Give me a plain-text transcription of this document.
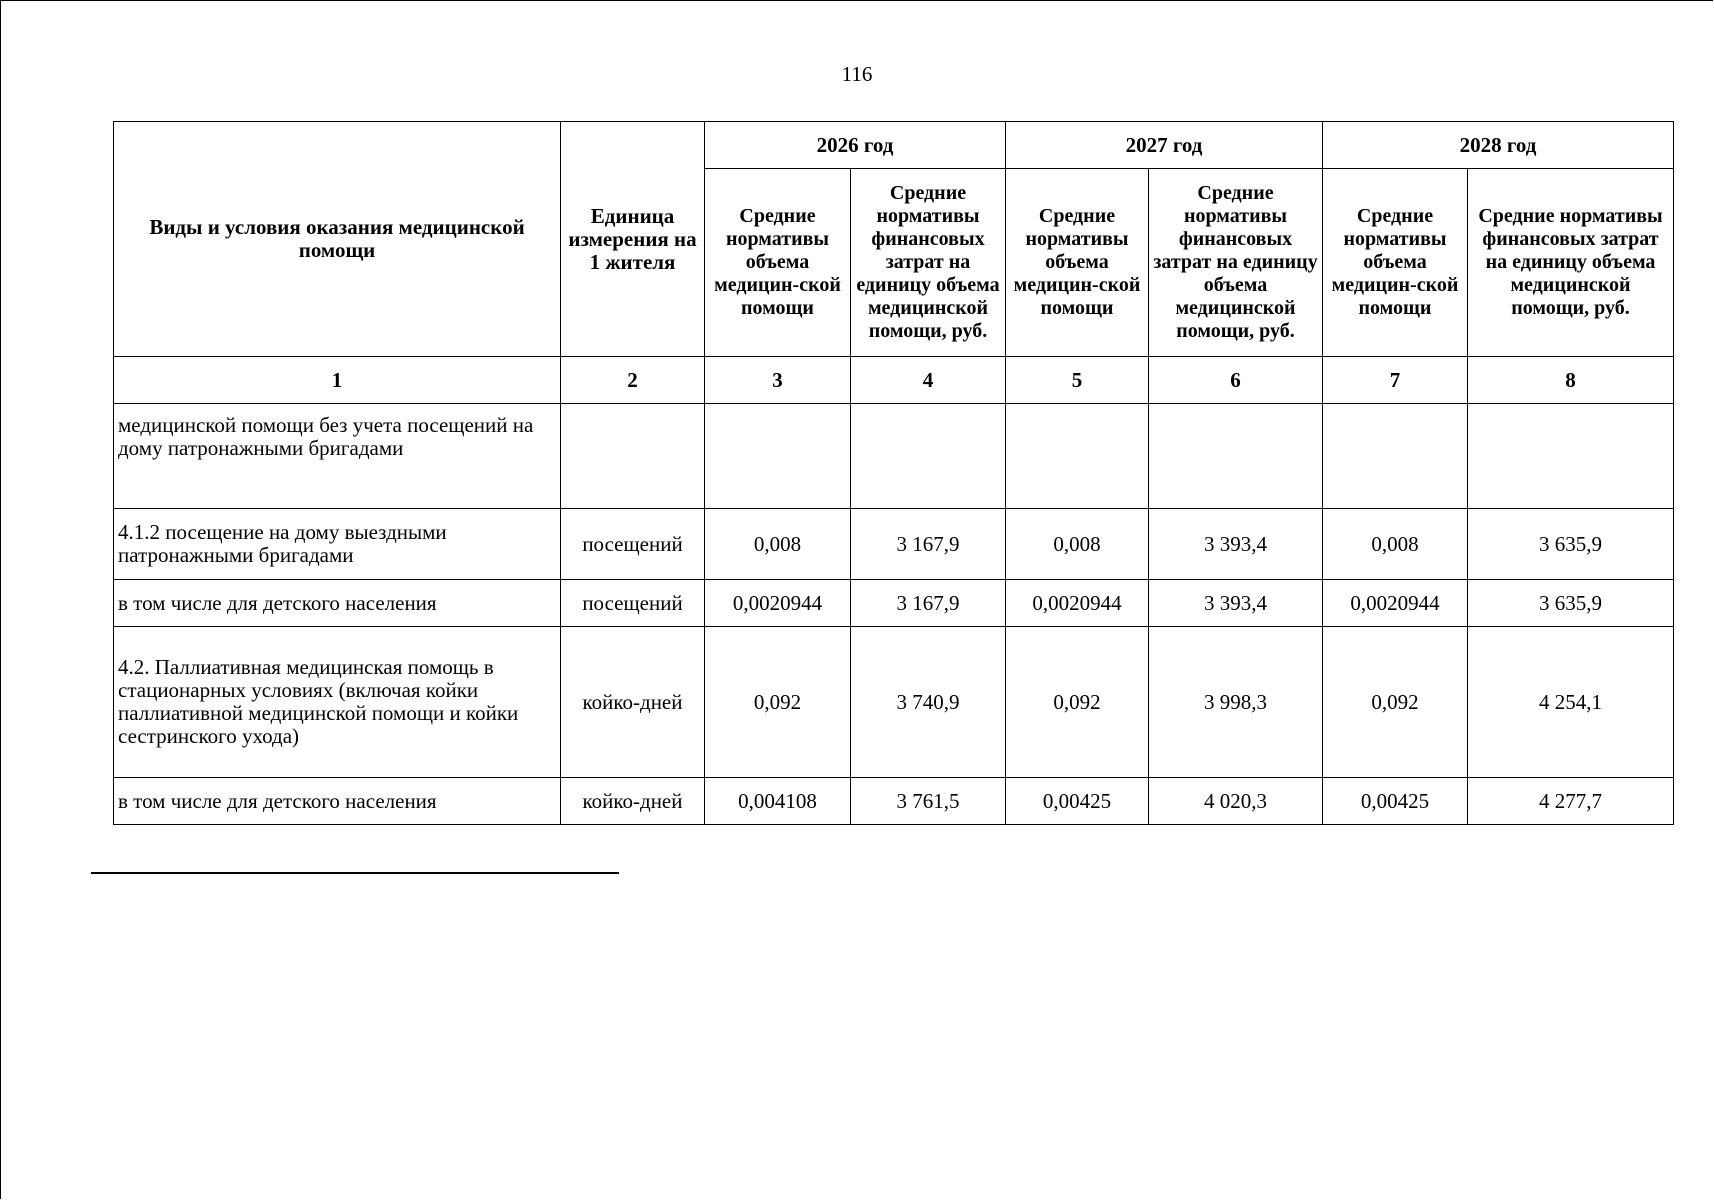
116
Виды и условия оказания медицинской помощи	Единица измерения на 1 жителя	2026 год		2027 год		2028 год	
		Средние нормативы объема медицин-ской помощи	Средние нормативы финансовых затрат на единицу объема медицинской помощи, руб.	Средние нормативы объема медицин-ской помощи	Средние нормативы финансовых затрат на единицу объема медицинской помощи, руб.	Средние нормативы объема медицин-ской помощи	Средние нормативы финансовых затрат на единицу объема медицинской помощи, руб.
1	2	3	4	5	6	7	8
медицинской помощи без учета посещений на дому патронажными бригадами							
4.1.2 посещение на дому выездными патронажными бригадами	посещений	0,008	3 167,9	0,008	3 393,4	0,008	3 635,9
в том числе для детского населения	посещений	0,0020944	3 167,9	0,0020944	3 393,4	0,0020944	3 635,9
4.2. Паллиативная медицинская помощь в стационарных условиях (включая койки паллиативной медицинской помощи и койки сестринского ухода)	койко-дней	0,092	3 740,9	0,092	3 998,3	0,092	4 254,1
в том числе для детского населения	койко-дней	0,004108	3 761,5	0,00425	4 020,3	0,00425	4 277,7
